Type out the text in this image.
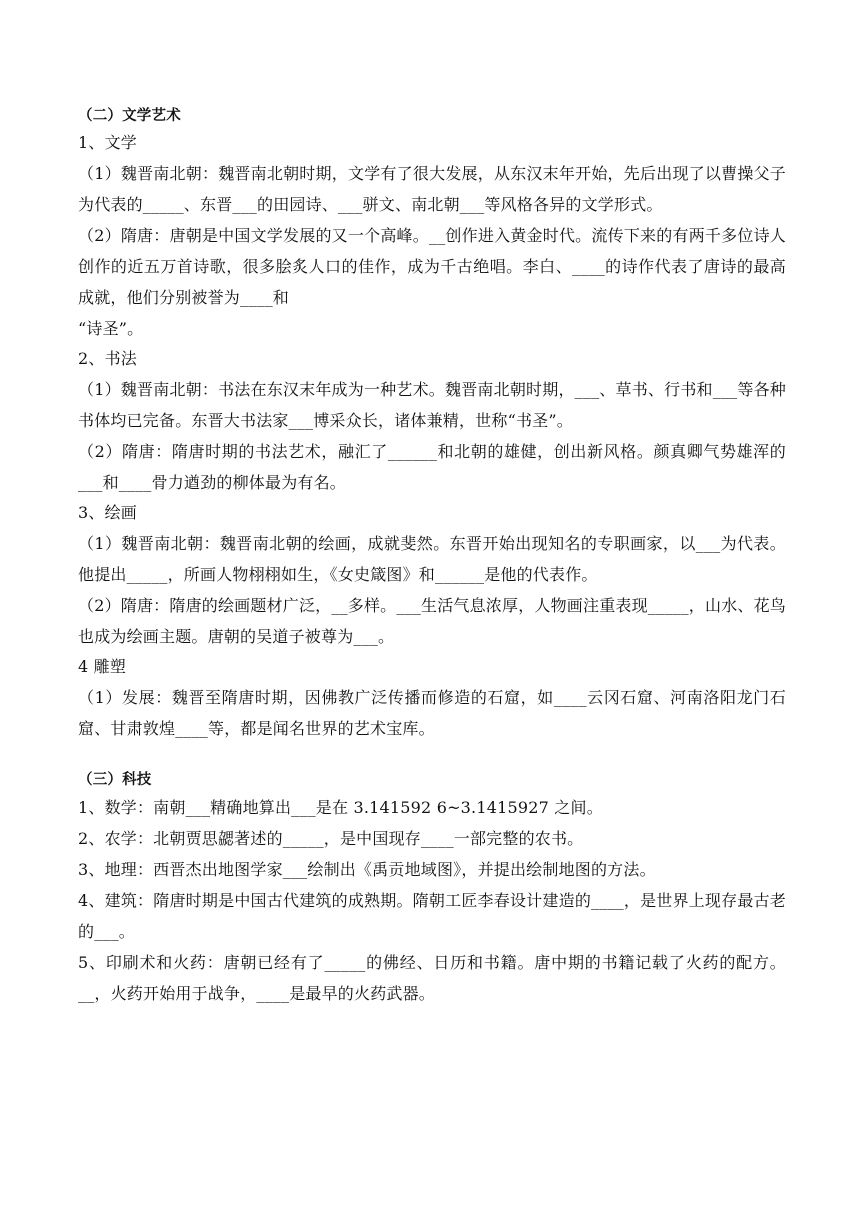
（二）文学艺术

1、文学

（1）魏晋南北朝：魏晋南北朝时期，文学有了很大发展，从东汉末年开始，先后出现了以曹操父子为代表的_____、东晋___的田园诗、___骈文、南北朝___等风格各异的文学形式。

（2）隋唐：唐朝是中国文学发展的又一个高峰。__创作进入黄金时代。流传下来的有两千多位诗人创作的近五万首诗歌，很多脍炙人口的佳作，成为千古绝唱。李白、____的诗作代表了唐诗的最高成就，他们分别被誉为____和

“诗圣”。

2、书法

（1）魏晋南北朝：书法在东汉末年成为一种艺术。魏晋南北朝时期，___、草书、行书和___等各种书体均已完备。东晋大书法家___博采众长，诸体兼精，世称“书圣”。

（2）隋唐：隋唐时期的书法艺术，融汇了______和北朝的雄健，创出新风格。颜真卿气势雄浑的___和____骨力遒劲的柳体最为有名。

3、绘画

（1）魏晋南北朝：魏晋南北朝的绘画，成就斐然。东晋开始出现知名的专职画家，以___为代表。他提出_____，所画人物栩栩如生，《女史箴图》和______是他的代表作。

（2）隋唐：隋唐的绘画题材广泛，__多样。___生活气息浓厚，人物画注重表现_____，山水、花鸟也成为绘画主题。唐朝的吴道子被尊为___。

4 雕塑

（1）发展：魏晋至隋唐时期，因佛教广泛传播而修造的石窟，如____云冈石窟、河南洛阳龙门石窟、甘肃敦煌____等，都是闻名世界的艺术宝库。

（三）科技

1、数学：南朝___精确地算出___是在 3.141592 6~3.1415927 之间。

2、农学：北朝贾思勰著述的_____，是中国现存____一部完整的农书。

3、地理：西晋杰出地图学家___绘制出《禹贡地域图》，并提出绘制地图的方法。

4、建筑：隋唐时期是中国古代建筑的成熟期。隋朝工匠李春设计建造的____，是世界上现存最古老的___。

5、印刷术和火药：唐朝已经有了_____的佛经、日历和书籍。唐中期的书籍记载了火药的配方。__，火药开始用于战争，____是最早的火药武器。
